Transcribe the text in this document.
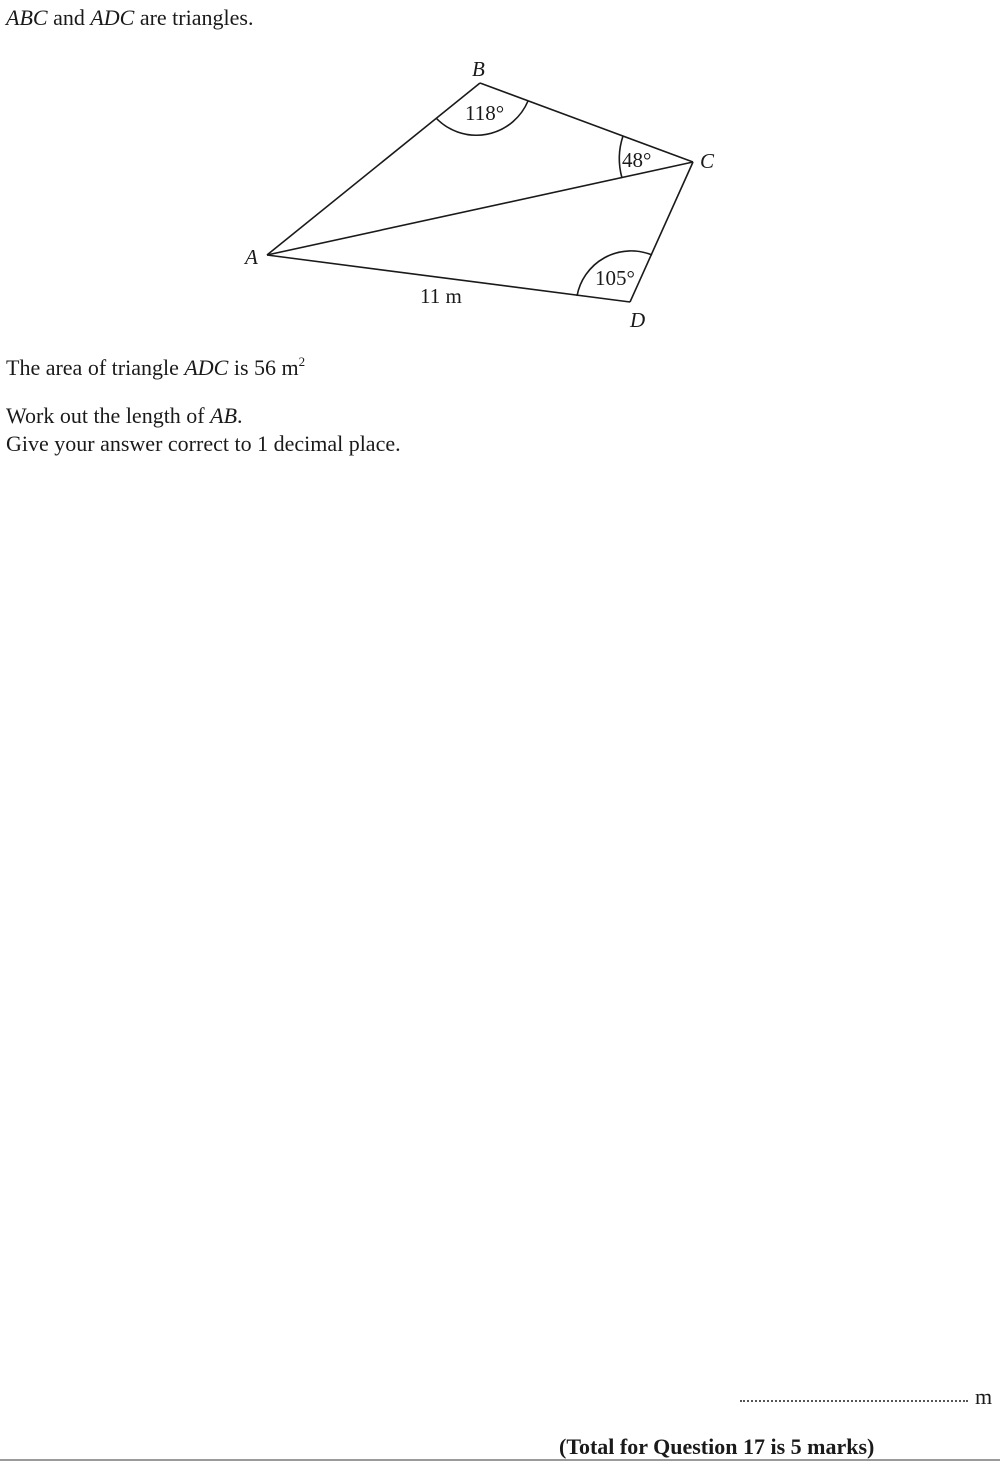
ABC and ADC are triangles.
B
C
A
D
118°
48°
105°
11 m
The area of triangle ADC is 56 $m^2$
Work out the length of AB.
Give your answer correct to 1 decimal place.
m
(Total for Question 17 is 5 marks)
